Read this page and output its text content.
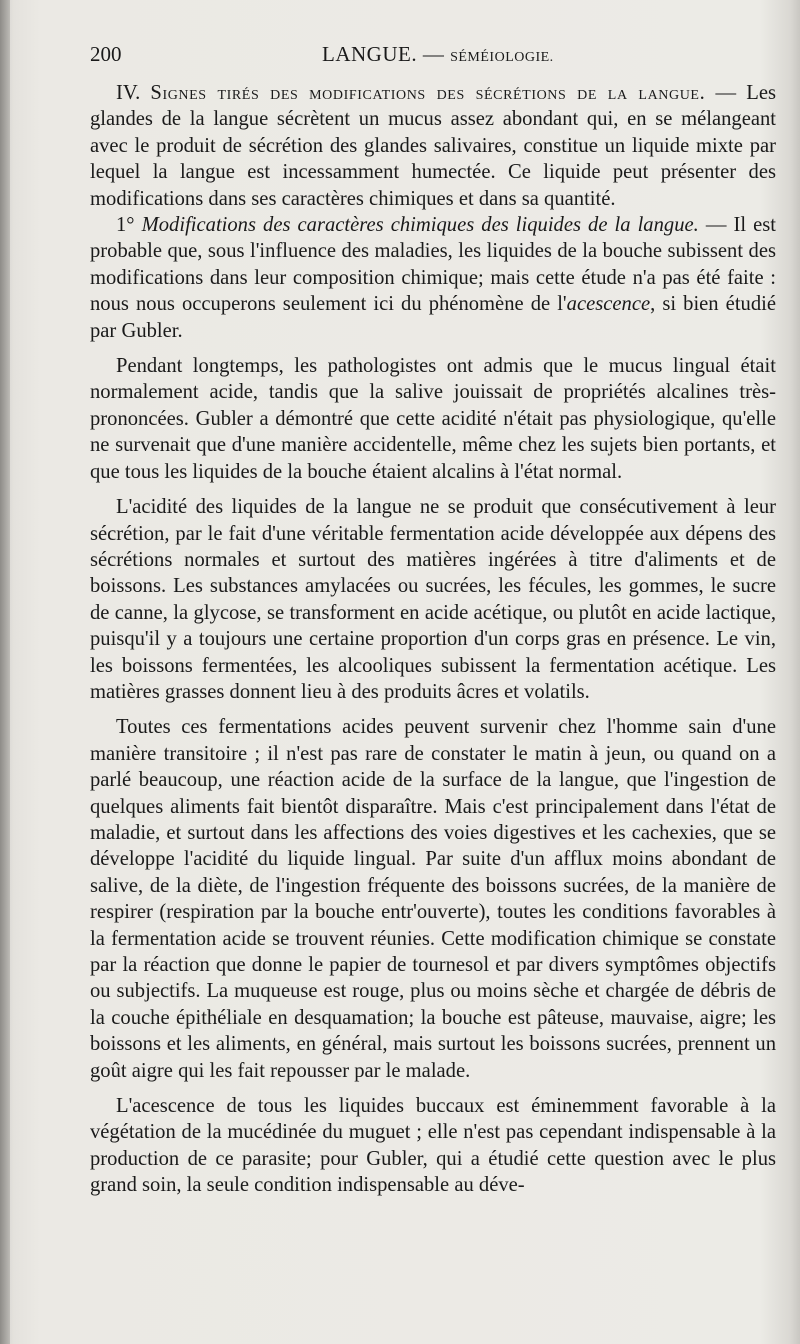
200	LANGUE. — SÉMÉIOLOGIE.

IV. Signes tirés des modifications des sécrétions de la langue. — Les glandes de la langue sécrètent un mucus assez abondant qui, en se mélangeant avec le produit de sécrétion des glandes salivaires, constitue un liquide mixte par lequel la langue est incessamment humectée. Ce liquide peut présenter des modifications dans ses caractères chimiques et dans sa quantité.

1° Modifications des caractères chimiques des liquides de la langue. — Il est probable que, sous l'influence des maladies, les liquides de la bouche subissent des modifications dans leur composition chimique; mais cette étude n'a pas été faite : nous nous occuperons seulement ici du phénomène de l'acescence, si bien étudié par Gubler.

Pendant longtemps, les pathologistes ont admis que le mucus lingual était normalement acide, tandis que la salive jouissait de propriétés alcalines très-prononcées. Gubler a démontré que cette acidité n'était pas physiologique, qu'elle ne survenait que d'une manière accidentelle, même chez les sujets bien portants, et que tous les liquides de la bouche étaient alcalins à l'état normal.

L'acidité des liquides de la langue ne se produit que consécutivement à leur sécrétion, par le fait d'une véritable fermentation acide développée aux dépens des sécrétions normales et surtout des matières ingérées à titre d'aliments et de boissons. Les substances amylacées ou sucrées, les fécules, les gommes, le sucre de canne, la glycose, se transforment en acide acétique, ou plutôt en acide lactique, puisqu'il y a toujours une certaine proportion d'un corps gras en présence. Le vin, les boissons fermentées, les alcooliques subissent la fermentation acétique. Les matières grasses donnent lieu à des produits âcres et volatils.

Toutes ces fermentations acides peuvent survenir chez l'homme sain d'une manière transitoire ; il n'est pas rare de constater le matin à jeun, ou quand on a parlé beaucoup, une réaction acide de la surface de la langue, que l'ingestion de quelques aliments fait bientôt disparaître. Mais c'est principalement dans l'état de maladie, et surtout dans les affections des voies digestives et les cachexies, que se développe l'acidité du liquide lingual. Par suite d'un afflux moins abondant de salive, de la diète, de l'ingestion fréquente des boissons sucrées, de la manière de respirer (respiration par la bouche entr'ouverte), toutes les conditions favorables à la fermentation acide se trouvent réunies. Cette modification chimique se constate par la réaction que donne le papier de tournesol et par divers symptômes objectifs ou subjectifs. La muqueuse est rouge, plus ou moins sèche et chargée de débris de la couche épithéliale en desquamation; la bouche est pâteuse, mauvaise, aigre; les boissons et les aliments, en général, mais surtout les boissons sucrées, prennent un goût aigre qui les fait repousser par le malade.

L'acescence de tous les liquides buccaux est éminemment favorable à la végétation de la mucédinée du muguet ; elle n'est pas cependant indispensable à la production de ce parasite; pour Gubler, qui a étudié cette question avec le plus grand soin, la seule condition indispensable au déve-
